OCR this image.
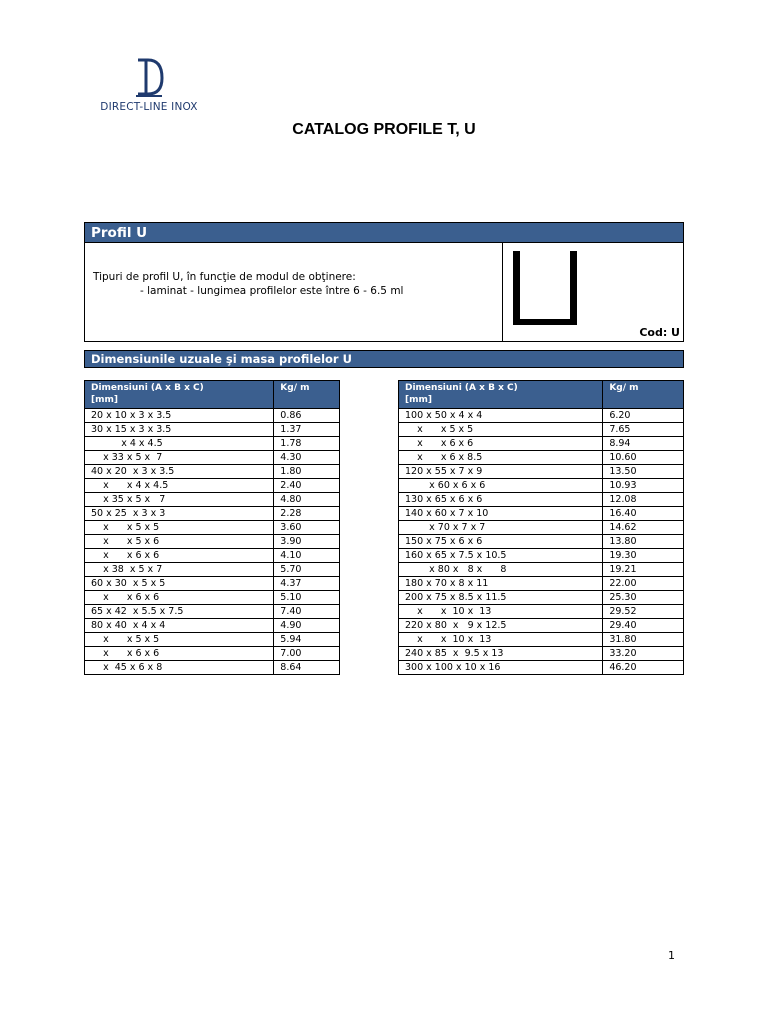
DIRECT-LINE INOX
CATALOG PROFILE T, U
Profil U
Tipuri de profil U, în funcţie de modul de obţinere:
- laminat - lungimea profilelor este între 6 - 6.5 ml
Cod: U
Dimensiunile uzuale şi masa profilelor U
Dimensiuni (A x B x C)
[mm]	Kg/ m
20 x 10 x 3 x 3.5	0.86
30 x 15 x 3 x 3.5	1.37
x 4 x 4.5	1.78
x 33 x 5 x  7	4.30
40 x 20  x 3 x 3.5	1.80
x      x 4 x 4.5	2.40
x 35 x 5 x   7	4.80
50 x 25  x 3 x 3	2.28
x      x 5 x 5	3.60
x      x 5 x 6	3.90
x      x 6 x 6	4.10
x 38  x 5 x 7	5.70
60 x 30  x 5 x 5	4.37
x      x 6 x 6	5.10
65 x 42  x 5.5 x 7.5	7.40
80 x 40  x 4 x 4	4.90
x      x 5 x 5	5.94
x      x 6 x 6	7.00
x  45 x 6 x 8	8.64
Dimensiuni (A x B x C)
[mm]	Kg/ m
100 x 50 x 4 x 4	6.20
x      x 5 x 5	7.65
x      x 6 x 6	8.94
x      x 6 x 8.5	10.60
120 x 55 x 7 x 9	13.50
x 60 x 6 x 6	10.93
130 x 65 x 6 x 6	12.08
140 x 60 x 7 x 10	16.40
x 70 x 7 x 7	14.62
150 x 75 x 6 x 6	13.80
160 x 65 x 7.5 x 10.5	19.30
x 80 x   8 x      8	19.21
180 x 70 x 8 x 11	22.00
200 x 75 x 8.5 x 11.5	25.30
x      x  10 x  13	29.52
220 x 80  x   9 x 12.5	29.40
x      x  10 x  13	31.80
240 x 85  x  9.5 x 13	33.20
300 x 100 x 10 x 16	46.20
1
